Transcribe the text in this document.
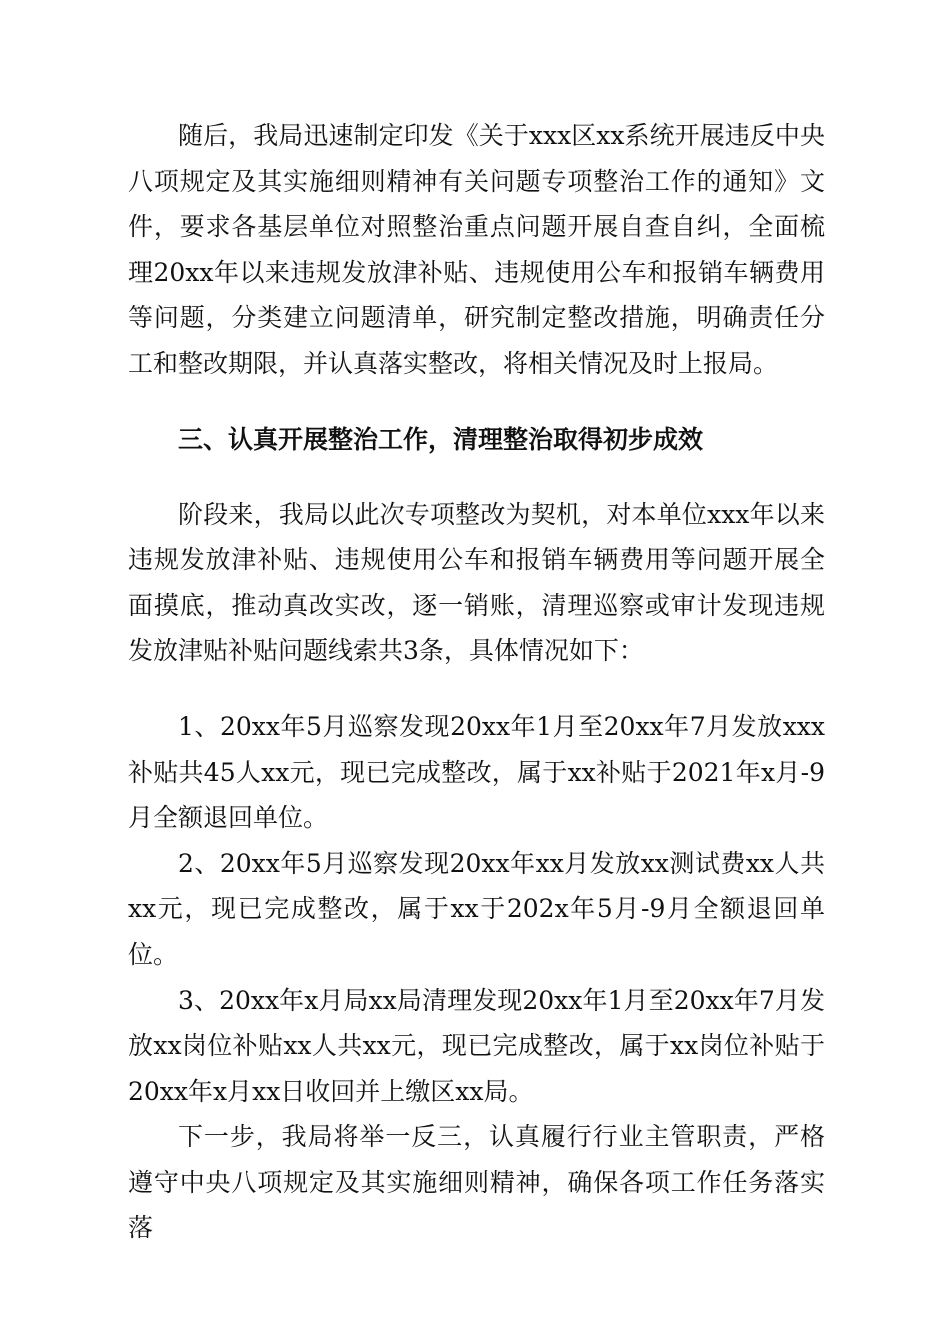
随后，我局迅速制定印发《关于xxx区xx系统开展违反中央八项规定及其实施细则精神有关问题专项整治工作的通知》文件，要求各基层单位对照整治重点问题开展自查自纠，全面梳理20xx年以来违规发放津补贴、违规使用公车和报销车辆费用等问题，分类建立问题清单，研究制定整改措施，明确责任分工和整改期限，并认真落实整改，将相关情况及时上报局。

三、认真开展整治工作，清理整治取得初步成效

阶段来，我局以此次专项整改为契机，对本单位xxx年以来违规发放津补贴、违规使用公车和报销车辆费用等问题开展全面摸底，推动真改实改，逐一销账，清理巡察或审计发现违规发放津贴补贴问题线索共3条，具体情况如下：

1、20xx年5月巡察发现20xx年1月至20xx年7月发放xxx补贴共45人xx元，现已完成整改，属于xx补贴于2021年x月-9月全额退回单位。

2、20xx年5月巡察发现20xx年xx月发放xx测试费xx人共xx元，现已完成整改，属于xx于202x年5月-9月全额退回单位。

3、20xx年x月局xx局清理发现20xx年1月至20xx年7月发放xx岗位补贴xx人共xx元，现已完成整改，属于xx岗位补贴于20xx年x月xx日收回并上缴区xx局。

下一步，我局将举一反三，认真履行行业主管职责，严格遵守中央八项规定及其实施细则精神，确保各项工作任务落实落
